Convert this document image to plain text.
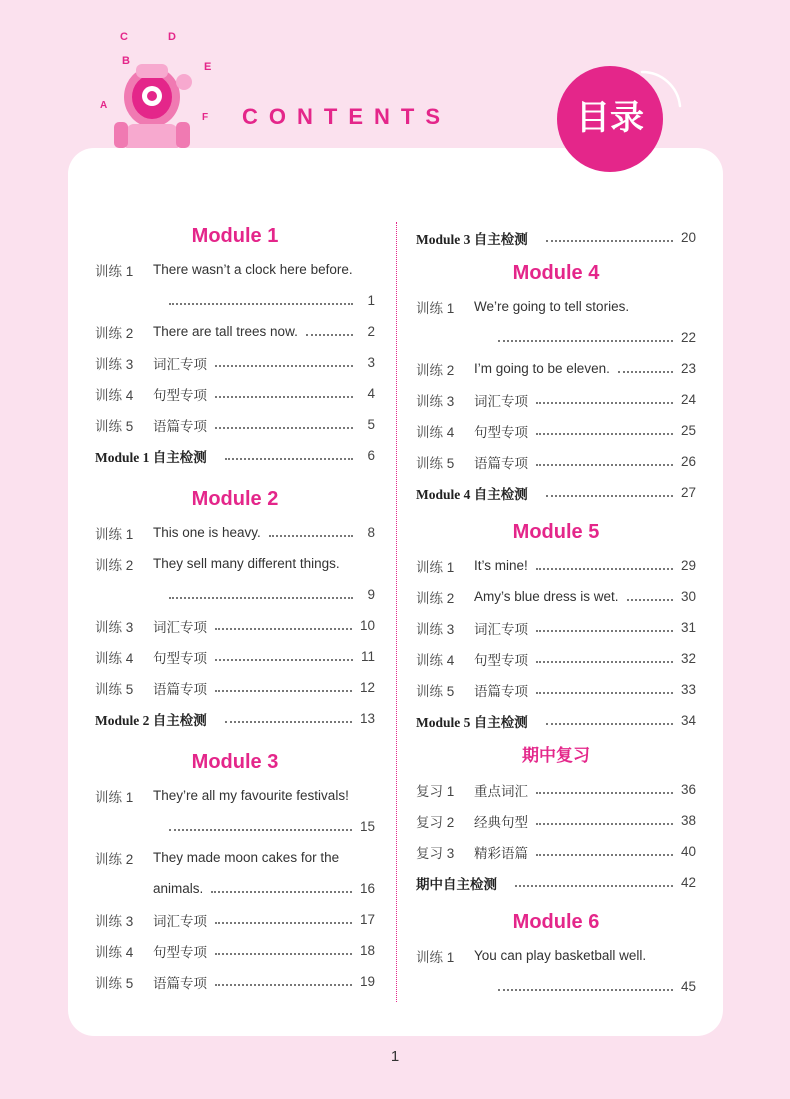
C	D
B	E
A
F CONTENTS	目录
Module 1
训练 1	There wasn’t a clock here before.
1
训练 2	There are tall trees now.	2
训练 3	词汇专项	3
训练 4	句型专项	4
训练 5	语篇专项	5
Module 1 自主检测	6
Module 2
训练 1	This one is heavy.	8
训练 2	They sell many different things.
9
训练 3	词汇专项	10
训练 4	句型专项	11
训练 5	语篇专项	12
Module 2 自主检测	13
Module 3
训练 1	They’re all my favourite festivals!
15
训练 2	They made moon cakes for the
animals.	16
训练 3	词汇专项	17
训练 4	句型专项	18
训练 5	语篇专项	19
Module 3 自主检测	20
Module 4
训练 1	We’re going to tell stories.
22
训练 2	I’m going to be eleven.	23
训练 3	词汇专项	24
训练 4	句型专项	25
训练 5	语篇专项	26
Module 4 自主检测	27
Module 5
训练 1	It’s mine!	29
训练 2	Amy’s blue dress is wet.	30
训练 3	词汇专项	31
训练 4	句型专项	32
训练 5	语篇专项	33
Module 5 自主检测	34
期中复习
复习 1	重点词汇	36
复习 2	经典句型	38
复习 3	精彩语篇	40
期中自主检测	42
Module 6
训练 1	You can play basketball well.
45
1
